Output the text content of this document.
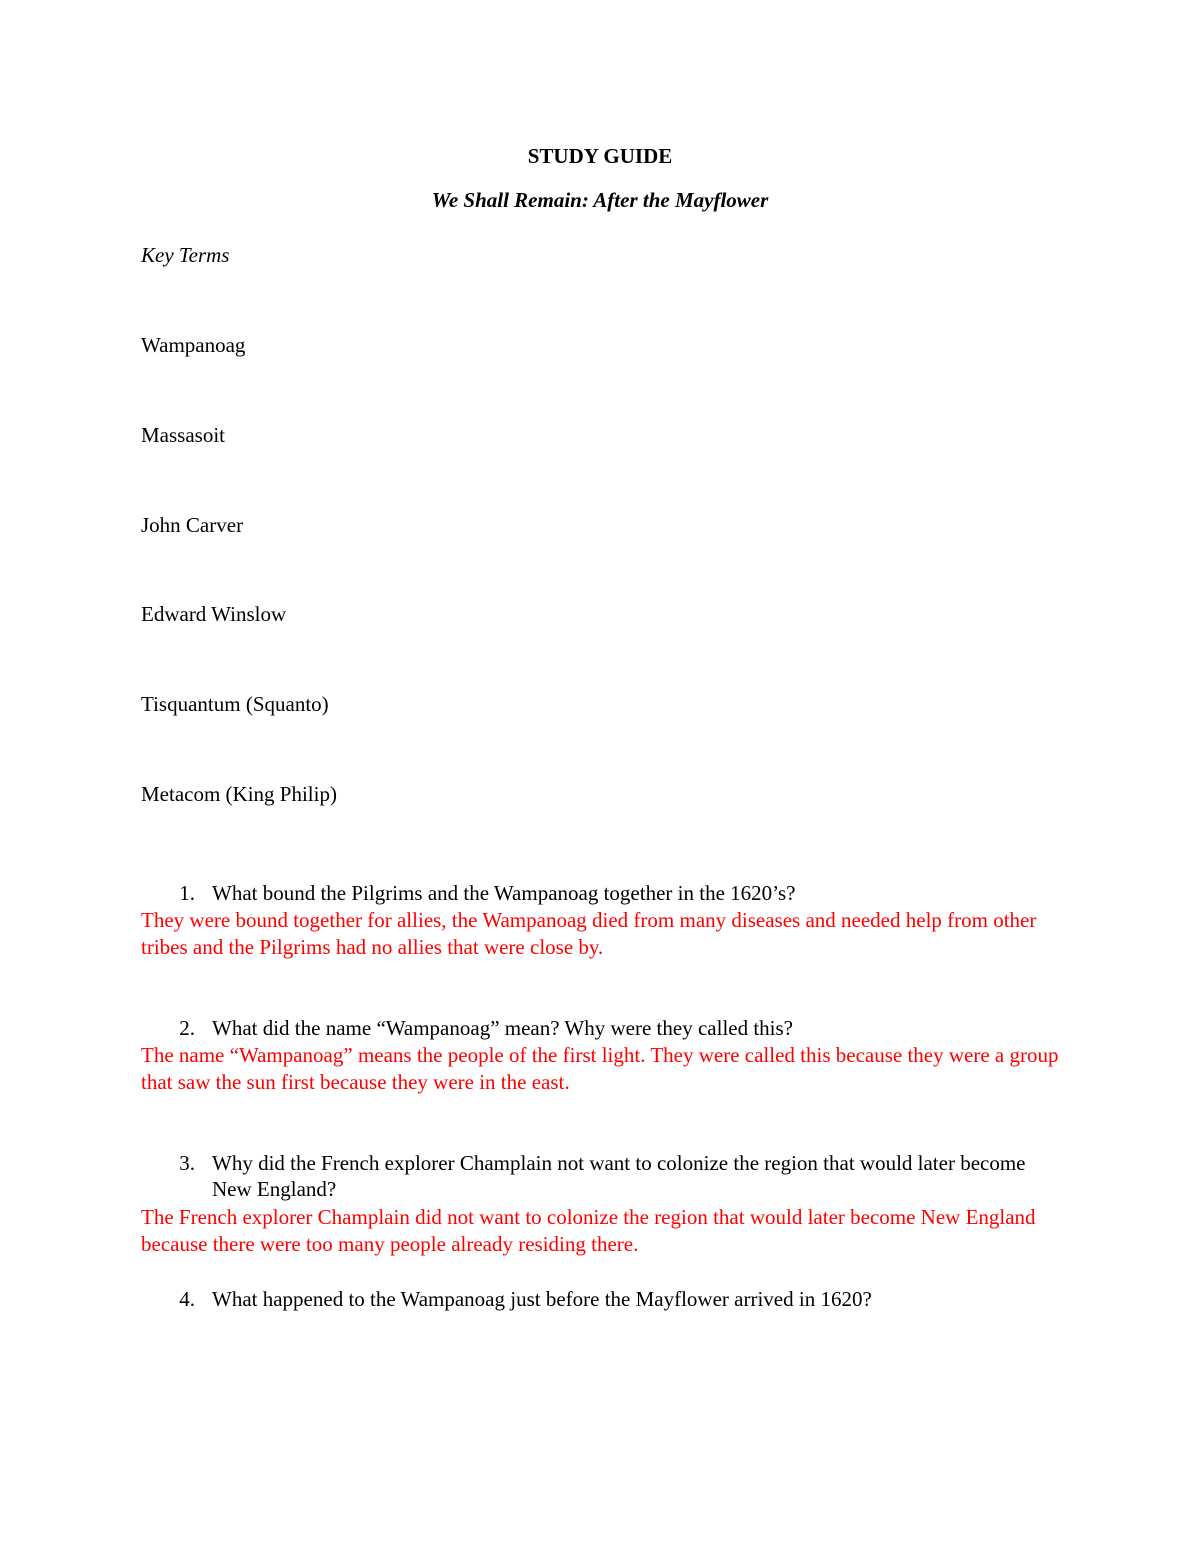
STUDY GUIDE
We Shall Remain: After the Mayflower
Key Terms
Wampanoag
Massasoit
John Carver
Edward Winslow
Tisquantum (Squanto)
Metacom (King Philip)
1. What bound the Pilgrims and the Wampanoag together in the 1620’s?
They were bound together for allies, the Wampanoag died from many diseases and needed help from other tribes and the Pilgrims had no allies that were close by.
2. What did the name “Wampanoag” mean? Why were they called this?
The name “Wampanoag” means the people of the first light. They were called this because they were a group that saw the sun first because they were in the east.
3. Why did the French explorer Champlain not want to colonize the region that would later become New England?
The French explorer Champlain did not want to colonize the region that would later become New England because there were too many people already residing there.
4. What happened to the Wampanoag just before the Mayflower arrived in 1620?
